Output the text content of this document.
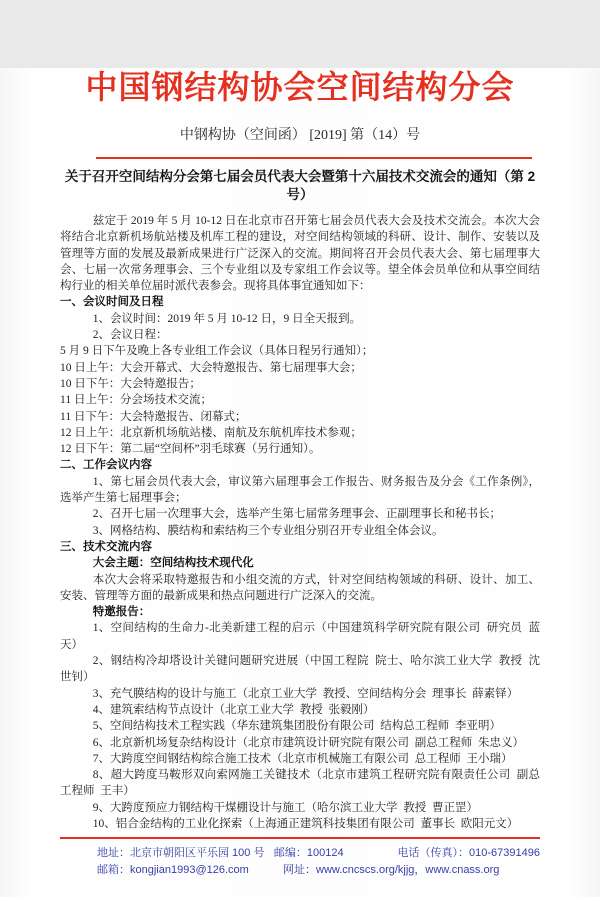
中国钢结构协会空间结构分会
中钢构协（空间函） [2019] 第（14）号
关于召开空间结构分会第七届会员代表大会暨第十六届技术交流会的通知（第 2 号）

兹定于 2019 年 5 月 10-12 日在北京市召开第七届会员代表大会及技术交流会。本次大会将结合北京新机场航站楼及机库工程的建设，对空间结构领域的科研、设计、制作、安装以及管理等方面的发展及最新成果进行广泛深入的交流。期间将召开会员代表大会、第七届理事大会、七届一次常务理事会、三个专业组以及专家组工作会议等。望全体会员单位和从事空间结构行业的相关单位届时派代表参会。现将具体事宜通知如下：

一、会议时间及日程

1、会议时间：2019 年 5 月 10-12 日，9 日全天报到。

2、会议日程：

5 月 9 日下午及晚上各专业组工作会议（具体日程另行通知）；
10 日上午：大会开幕式、大会特邀报告、第七届理事大会；
10 日下午：大会特邀报告；
11 日上午：分会场技术交流；
11 日下午：大会特邀报告、闭幕式；
12 日上午：北京新机场航站楼、南航及东航机库技术参观；
12 日下午：第二届“空间杯”羽毛球赛（另行通知）。
二、工作会议内容

1、第七届会员代表大会，审议第六届理事会工作报告、财务报告及分会《工作条例》，选举产生第七届理事会；

2、召开七届一次理事大会，选举产生第七届常务理事会、正副理事长和秘书长；

3、网格结构、膜结构和索结构三个专业组分别召开专业组全体会议。

三、技术交流内容

大会主题：空间结构技术现代化

本次大会将采取特邀报告和小组交流的方式，针对空间结构领域的科研、设计、加工、安装、管理等方面的最新成果和热点问题进行广泛深入的交流。

特邀报告：

1、空间结构的生命力-北美新建工程的启示（中国建筑科学研究院有限公司  研究员  蓝天）

2、钢结构冷却塔设计关键问题研究进展（中国工程院  院士、哈尔滨工业大学  教授  沈世钊）

3、充气膜结构的设计与施工（北京工业大学  教授、空间结构分会  理事长  薛素铎）

4、建筑索结构节点设计（北京工业大学  教授  张毅刚）

5、空间结构技术工程实践（华东建筑集团股份有限公司  结构总工程师  李亚明）

6、北京新机场复杂结构设计（北京市建筑设计研究院有限公司  副总工程师  朱忠义）

7、大跨度空间钢结构综合施工技术（北京市机械施工有限公司  总工程师  王小瑞）

8、超大跨度马鞍形双向索网施工关键技术（北京市建筑工程研究院有限责任公司  副总工程师  王丰）

9、大跨度预应力钢结构干煤棚设计与施工（哈尔滨工业大学  教授  曹正罡）

10、铝合金结构的工业化探索（上海通正建筑科技集团有限公司  董事长  欧阳元文）

地址：北京市朝阳区平乐园 100 号 邮编：100124	电话（传真）：010-67391496
邮箱：kongjian1993@126.com	网址：www.cncscs.org/kjjg，www.cnass.org
